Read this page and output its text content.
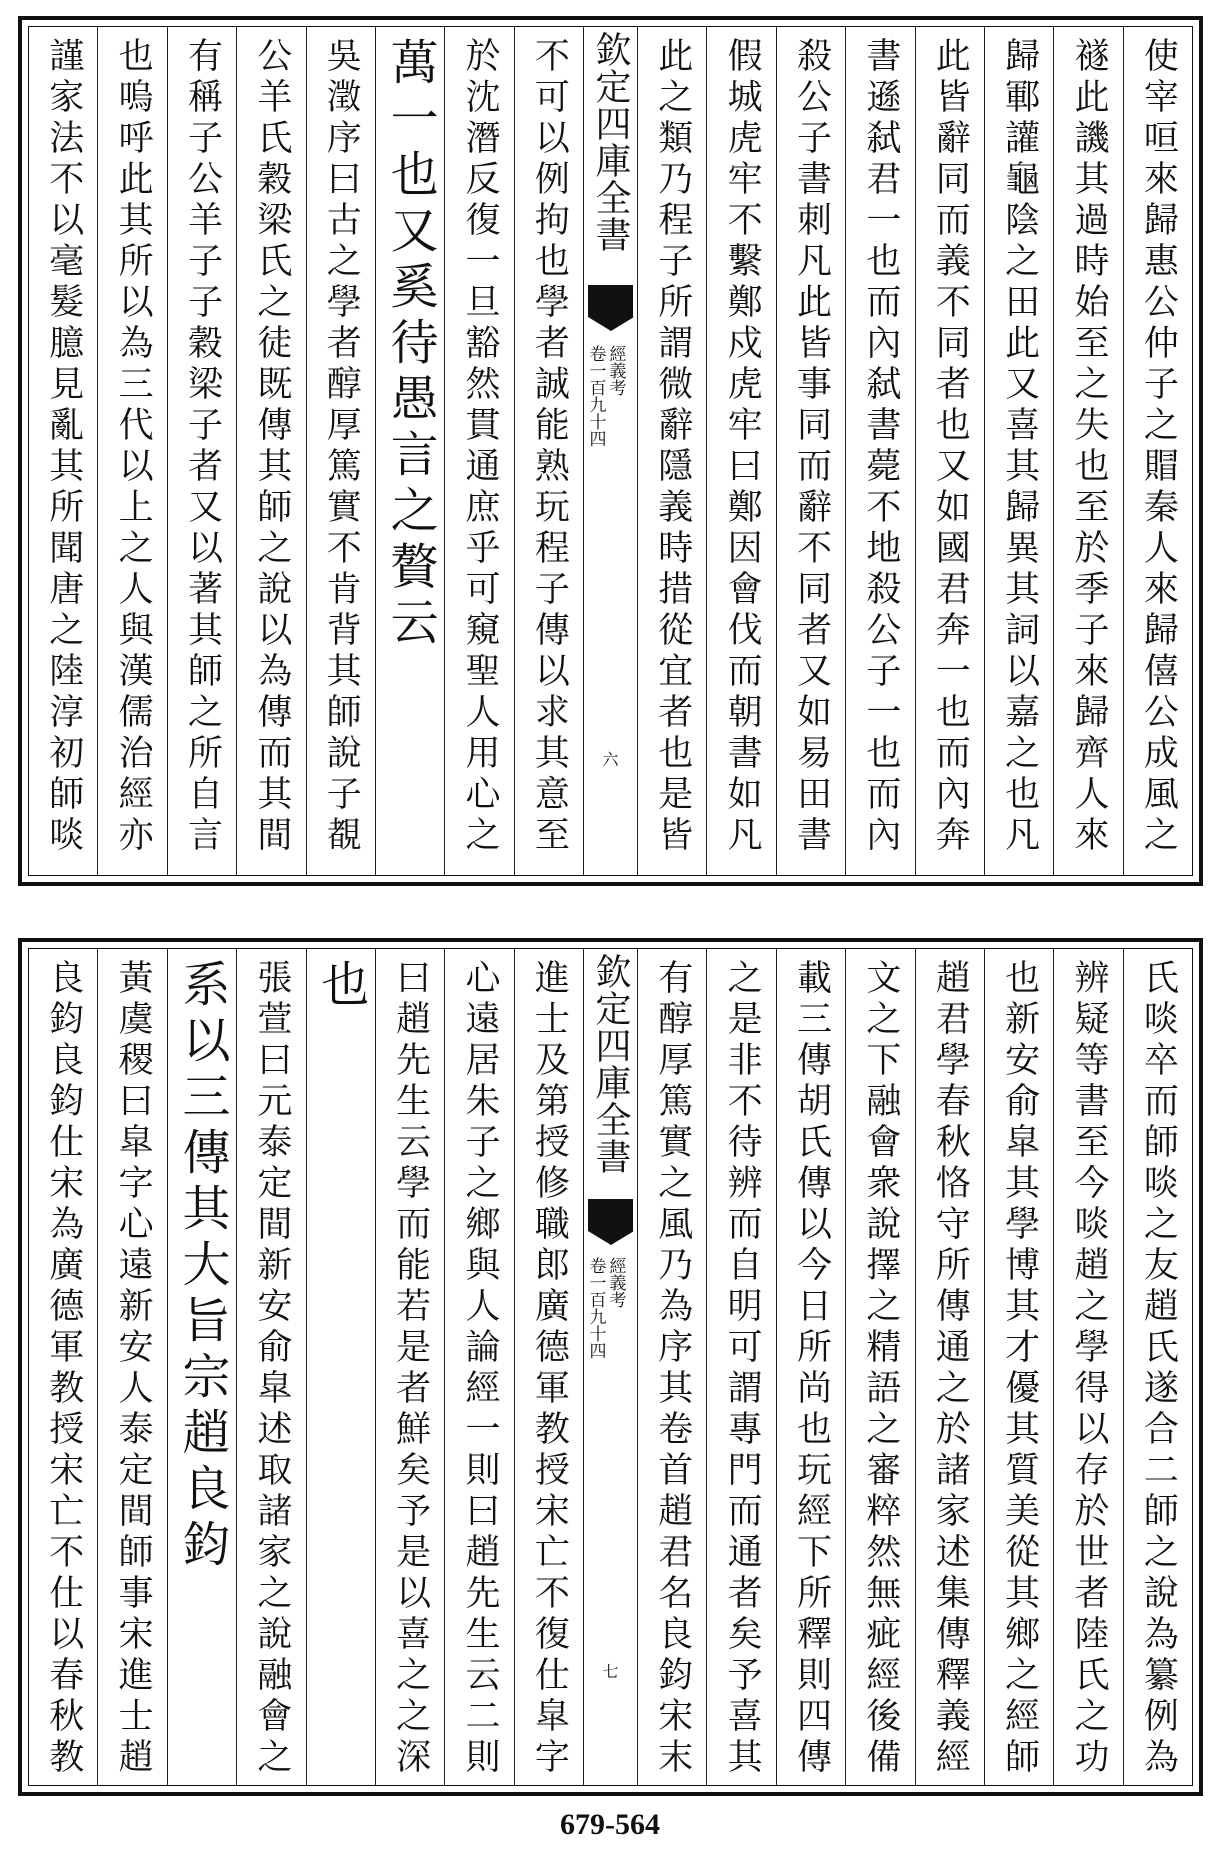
使宰咺來歸惠公仲子之賵秦人來歸僖公成風之
禭此譏其過時始至之失也至於季子來歸齊人來
歸鄆讙龜陰之田此又喜其歸異其詞以嘉之也凡
此皆辭同而義不同者也又如國君奔一也而內奔
書遜弑君一也而內弑書薨不地殺公子一也而內
殺公子書刺凡此皆事同而辭不同者又如易田書
假城虎牢不繫鄭戍虎牢曰鄭因會伐而朝書如凡
此之類乃程子所謂微辭隱義時措從宜者也是皆
欽定四庫全書
經義考
卷一百九十四
六
不可以例拘也學者誠能熟玩程子傳以求其意至
於沈潛反復一旦豁然貫通庶乎可窺聖人用心之
萬一也又奚待愚言之贅云
吳澂序曰古之學者醇厚篤實不肯背其師說子覩
公羊氏穀梁氏之徒既傳其師之說以為傳而其間
有稱子公羊子子穀梁子者又以著其師之所自言
也嗚呼此其所以為三代以上之人與漢儒治經亦
謹家法不以毫髮臆見亂其所聞唐之陸淳初師啖
氏啖卒而師啖之友趙氏遂合二師之說為纂例為
辨疑等書至今啖趙之學得以存於世者陸氏之功
也新安俞皐其學博其才優其質美從其鄉之經師
趙君學春秋恪守所傳通之於諸家述集傳釋義經
文之下融會衆說擇之精語之審粹然無疵經後備
載三傳胡氏傳以今日所尚也玩經下所釋則四傳
之是非不待辨而自明可謂專門而通者矣予喜其
有醇厚篤實之風乃為序其卷首趙君名良鈞宋末
欽定四庫全書
經義考
卷一百九十四
七
進士及第授修職郎廣德軍教授宋亡不復仕皐字
心遠居朱子之鄉與人論經一則曰趙先生云二則
曰趙先生云學而能若是者鮮矣予是以喜之之深
也
張萱曰元泰定間新安俞皐述取諸家之說融會之
系以三傳其大旨宗趙良鈞
黃虞稷曰皐字心遠新安人泰定間師事宋進士趙
良鈞良鈞仕宋為廣德軍教授宋亡不仕以春秋教
679-564
